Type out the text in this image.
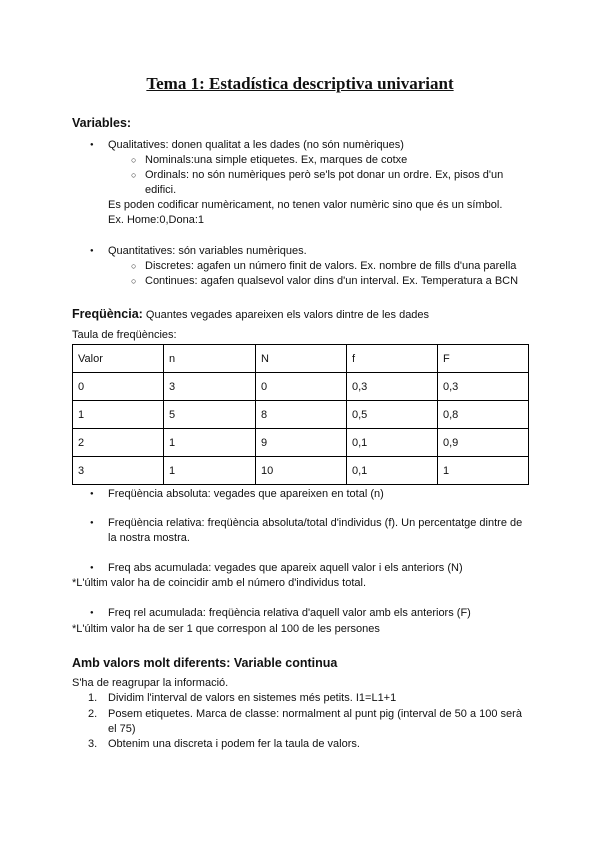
Tema 1: Estadística descriptiva univariant
Variables:
● Qualitatives: donen qualitat a les dades (no són numèriques)
○ Nominals:una simple etiquetes. Ex, marques de cotxe
○ Ordinals: no són numèriques però se'ls pot donar un ordre. Ex, pisos d'un
edifici.
Es poden codificar numèricament, no tenen valor numèric sino que és un símbol.
Ex. Home:0,Dona:1
● Quantitatives: són variables numèriques.
○ Discretes: agafen un número finit de valors. Ex. nombre de fills d'una parella
○ Continues: agafen qualsevol valor dins d'un interval. Ex. Temperatura a BCN
Freqüència: Quantes vegades apareixen els valors dintre de les dades
Taula de freqüències:
Valor	n	N	f	F
0	3	0	0,3	0,3
1	5	8	0,5	0,8
2	1	9	0,1	0,9
3	1	10	0,1	1
● Freqüència absoluta: vegades que apareixen en total (n)
● Freqüència relativa: freqüència absoluta/total d'individus (f). Un percentatge dintre de
la nostra mostra.
● Freq abs acumulada: vegades que apareix aquell valor i els anteriors (N)
*L'últim valor ha de coincidir amb el número d'individus total.
● Freq rel acumulada: freqüència relativa d'aquell valor amb els anteriors (F)
*L'últim valor ha de ser 1 que correspon al 100 de les persones
Amb valors molt diferents: Variable continua
S'ha de reagrupar la informació.
1. Dividim l'interval de valors en sistemes més petits. I1=L1+1
2. Posem etiquetes. Marca de classe: normalment al punt pig (interval de 50 a 100 serà
el 75)
3. Obtenim una discreta i podem fer la taula de valors.
